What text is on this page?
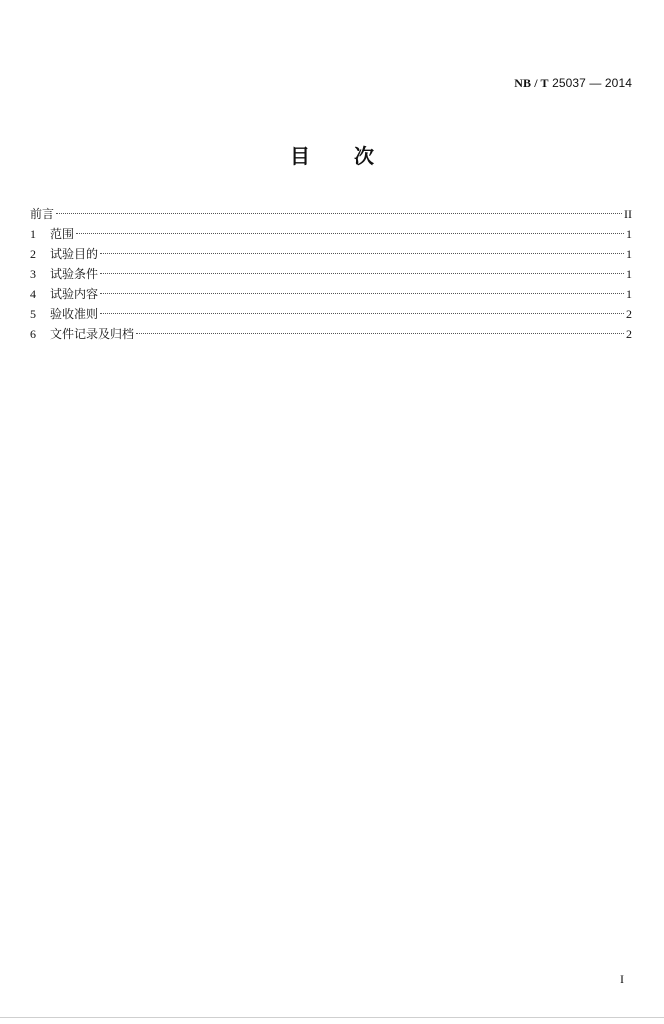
NB / T 25037 — 2014
目次
前言	II
1	范围	1
2	试验目的	1
3	试验条件	1
4	试验内容	1
5	验收准则	2
6	文件记录及归档	2
I
